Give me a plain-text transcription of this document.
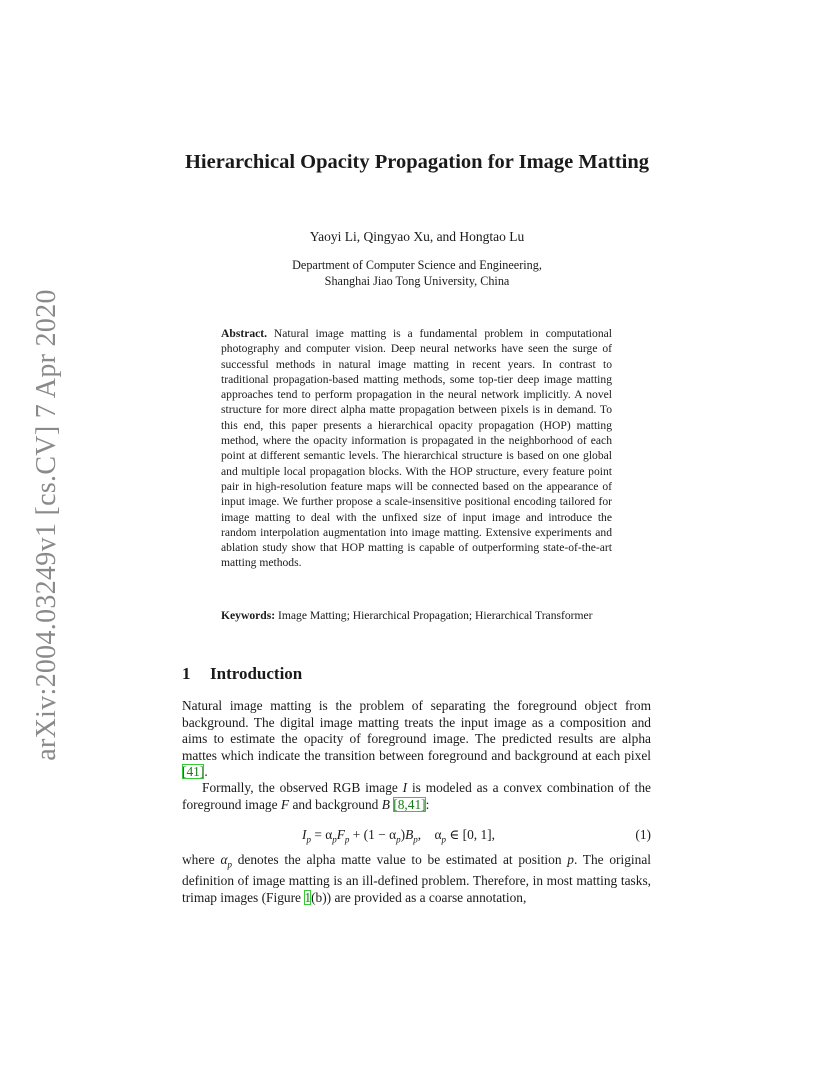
arXiv:2004.03249v1 [cs.CV] 7 Apr 2020
Hierarchical Opacity Propagation for Image Matting
Yaoyi Li, Qingyao Xu, and Hongtao Lu
Department of Computer Science and Engineering,
Shanghai Jiao Tong University, China
Abstract. Natural image matting is a fundamental problem in computational photography and computer vision. Deep neural networks have seen the surge of successful methods in natural image matting in recent years. In contrast to traditional propagation-based matting methods, some top-tier deep image matting approaches tend to perform propagation in the neural network implicitly. A novel structure for more direct alpha matte propagation between pixels is in demand. To this end, this paper presents a hierarchical opacity propagation (HOP) matting method, where the opacity information is propagated in the neighborhood of each point at different semantic levels. The hierarchical structure is based on one global and multiple local propagation blocks. With the HOP structure, every feature point pair in high-resolution feature maps will be connected based on the appearance of input image. We further propose a scale-insensitive positional encoding tailored for image matting to deal with the unfixed size of input image and introduce the random interpolation augmentation into image matting. Extensive experiments and ablation study show that HOP matting is capable of outperforming state-of-the-art matting methods.
Keywords: Image Matting; Hierarchical Propagation; Hierarchical Transformer
1 Introduction
Natural image matting is the problem of separating the foreground object from background. The digital image matting treats the input image as a composition and aims to estimate the opacity of foreground image. The predicted results are alpha mattes which indicate the transition between foreground and background at each pixel [41].
Formally, the observed RGB image I is modeled as a convex combination of the foreground image F and background B [8,41]:
$I_p = \alpha_pF_p + (1 - \alpha_p)B_p$,    $\alpha_p$ ∈ [0, 1],	(1)
where $\alpha_p$ denotes the alpha matte value to be estimated at position p. The original definition of image matting is an ill-defined problem. Therefore, in most matting tasks, trimap images (Figure 1(b)) are provided as a coarse annotation,
